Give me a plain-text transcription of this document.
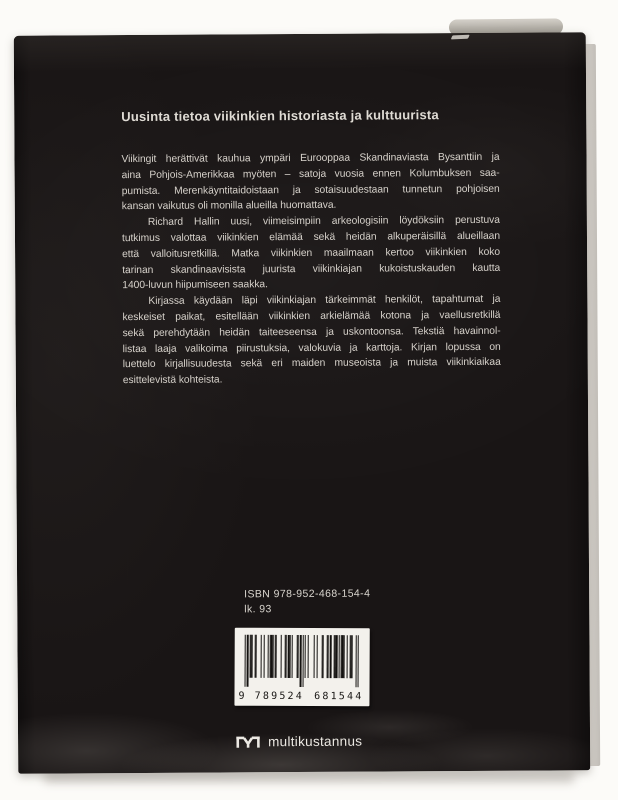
Uusinta tietoa viikinkien historiasta ja kulttuurista
Viikingit herättivät kauhua ympäri Eurooppaa Skandinaviasta Bysanttiin ja
aina Pohjois-Amerikkaa myöten – satoja vuosia ennen Kolumbuksen saa-
pumista. Merenkäyntitaidoistaan ja sotaisuudestaan tunnetun pohjoisen
kansan vaikutus oli monilla alueilla huomattava.
Richard Hallin uusi, viimeisimpiin arkeologisiin löydöksiin perustuva
tutkimus valottaa viikinkien elämää sekä heidän alkuperäisillä alueillaan
että valloitusretkillä. Matka viikinkien maailmaan kertoo viikinkien koko
tarinan skandinaavisista juurista viikinkiajan kukoistuskauden kautta
1400-luvun hiipumiseen saakka.
Kirjassa käydään läpi viikinkiajan tärkeimmät henkilöt, tapahtumat ja
keskeiset paikat, esitellään viikinkien arkielämää kotona ja vaellusretkillä
sekä perehdytään heidän taiteeseensa ja uskontoonsa. Tekstiä havainnol-
listaa laaja valikoima piirustuksia, valokuvia ja karttoja. Kirjan lopussa on
luettelo kirjallisuudesta sekä eri maiden museoista ja muista viikinkiaikaa
esittelevistä kohteista.
ISBN 978-952-468-154-4
lk. 93
9 789524 681544
multikustannus
